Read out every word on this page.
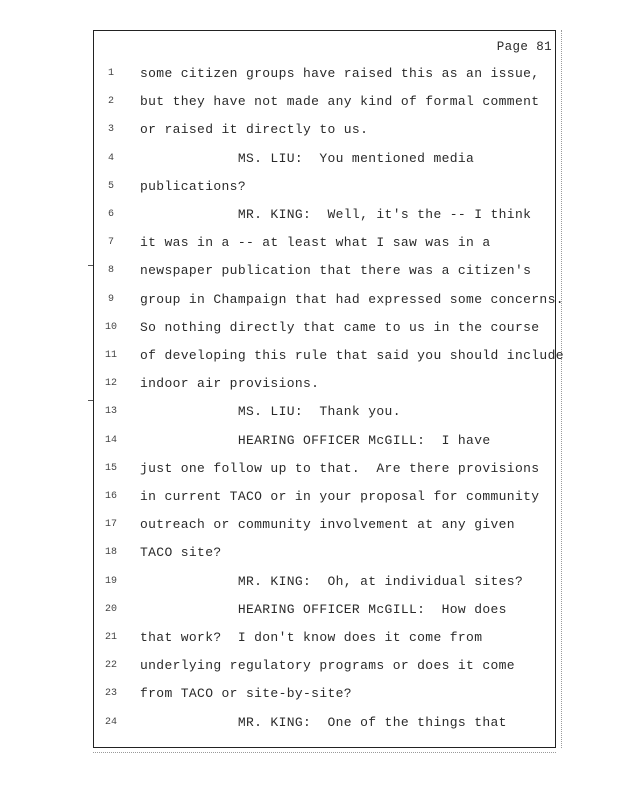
Page 81
1	some citizen groups have raised this as an issue,
2	but they have not made any kind of formal comment
3	or raised it directly to us.
4	MS. LIU:  You mentioned media
5	publications?
6	MR. KING:  Well, it's the -- I think
7	it was in a -- at least what I saw was in a
8	newspaper publication that there was a citizen's
9	group in Champaign that had expressed some concerns.
10	So nothing directly that came to us in the course
11	of developing this rule that said you should include
12	indoor air provisions.
13	MS. LIU:  Thank you.
14	HEARING OFFICER McGILL:  I have
15	just one follow up to that.  Are there provisions
16	in current TACO or in your proposal for community
17	outreach or community involvement at any given
18	TACO site?
19	MR. KING:  Oh, at individual sites?
20	HEARING OFFICER McGILL:  How does
21	that work?  I don't know does it come from
22	underlying regulatory programs or does it come
23	from TACO or site-by-site?
24	MR. KING:  One of the things that
